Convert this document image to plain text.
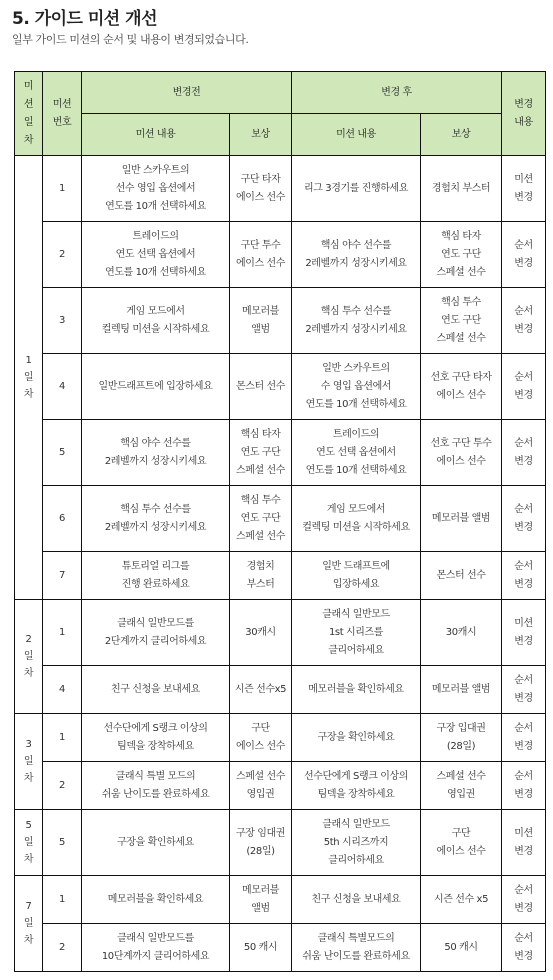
5. 가이드 미션 개선

일부 가이드 미션의 순서 및 내용이 변경되었습니다.

미
션
일
차	미션
번호	변경전		변경 후		변경
내용

		미션 내용	보상	미션 내용	보상	

1
일
차	1	일반 스카우트의
선수 영입 옵션에서
연도를 10개 선택하세요	구단 타자
에이스 선수	리그 3경기를 진행하세요	경험치 부스터	미션
변경

	2	트레이드의
연도 선택 옵션에서
연도를 10개 선택하세요	구단 투수
에이스 선수	핵심 야수 선수를
2레벨까지 성장시키세요	핵심 타자
연도 구단
스페셜 선수	순서
변경

	3	게임 모드에서
컬렉팅 미션을 시작하세요	메모러블
앨범	핵심 투수 선수를
2레벨까지 성장시키세요	핵심 투수
연도 구단
스페셜 선수	순서
변경

	4	일반드래프트에 입장하세요	몬스터 선수	일반 스카우트의
수 영입 옵션에서
연도를 10개 선택하세요	선호 구단 타자
에이스 선수	순서
변경

	5	핵심 야수 선수를
2레벨까지 성장시키세요	핵심 타자
연도 구단
스페셜 선수	트레이드의
연도 선택 옵션에서
연도를 10개 선택하세요	선호 구단 투수
에이스 선수	순서
변경

	6	핵심 투수 선수를
2레벨까지 성장시키세요	핵심 투수
연도 구단
스페셜 선수	게임 모드에서
컬렉팅 미션을 시작하세요	메모러블 앨범	순서
변경

	7	튜토리얼 리그를
진행 완료하세요	경험치
부스터	일반 드래프트에
입장하세요	몬스터 선수	순서
변경

2
일
차	1	클래식 일반모드를
2단계까지 클리어하세요	30캐시	클래식 일반모드
1st 시리즈를
클리어하세요	30캐시	미션
변경

	4	친구 신청을 보내세요	시즌 선수x5	메모러블을 확인하세요	메모러블 앨범	순서
변경

3
일
차	1	선수단에게 S랭크 이상의
팀덱을 장착하세요	구단
에이스 선수	구장을 확인하세요	구장 입대권
(28일)	순서
변경

	2	클래식 특별 모드의
쉬움 난이도를 완료하세요	스페셜 선수
영입권	선수단에게 S랭크 이상의
팀덱을 장착하세요	스페셜 선수
영입권	순서
변경

5
일
차	5	구장을 확인하세요	구장 임대권
(28일)	클래식 일반모드
5th 시리즈까지
클리어하세요	구단
에이스 선수	미션
변경

7
일
차	1	메모러블을 확인하세요	메모러블
앨범	친구 신청을 보내세요	시즌 선수 x5	순서
변경

	2	클래식 일반모드를
10단계까지 클리어하세요	50 캐시	클래식 특별모드의
쉬움 난이도를 완료하세요	50 캐시	순서
변경
